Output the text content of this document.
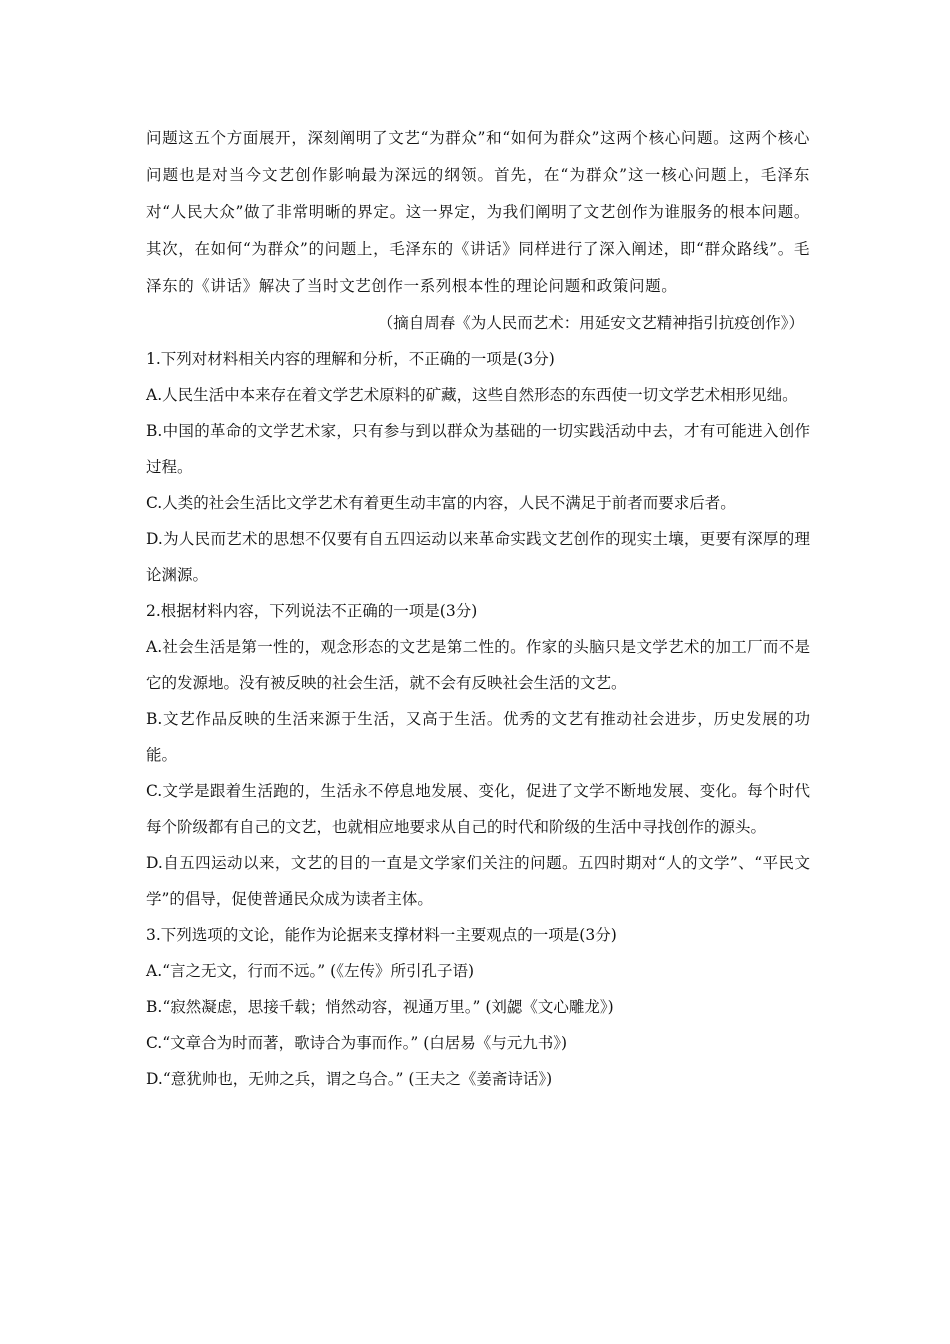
问题这五个方面展开，深刻阐明了文艺“为群众”和“如何为群众”这两个核心问题。这两个核心问题也是对当今文艺创作影响最为深远的纲领。首先，在“为群众”这一核心问题上，毛泽东对“人民大众”做了非常明晰的界定。这一界定，为我们阐明了文艺创作为谁服务的根本问题。其次，在如何“为群众”的问题上，毛泽东的《讲话》同样进行了深入阐述，即“群众路线”。毛泽东的《讲话》解决了当时文艺创作一系列根本性的理论问题和政策问题。

（摘自周春《为人民而艺术：用延安文艺精神指引抗疫创作》）

1.下列对材料相关内容的理解和分析，不正确的一项是(3分)

A.人民生活中本来存在着文学艺术原料的矿藏，这些自然形态的东西使一切文学艺术相形见绌。

B.中国的革命的文学艺术家，只有参与到以群众为基础的一切实践活动中去，才有可能进入创作过程。

C.人类的社会生活比文学艺术有着更生动丰富的内容，人民不满足于前者而要求后者。

D.为人民而艺术的思想不仅要有自五四运动以来革命实践文艺创作的现实土壤，更要有深厚的理论渊源。

2.根据材料内容，下列说法不正确的一项是(3分)

A.社会生活是第一性的，观念形态的文艺是第二性的。作家的头脑只是文学艺术的加工厂而不是它的发源地。没有被反映的社会生活，就不会有反映社会生活的文艺。

B.文艺作品反映的生活来源于生活，又高于生活。优秀的文艺有推动社会进步，历史发展的功能。

C.文学是跟着生活跑的，生活永不停息地发展、变化，促进了文学不断地发展、变化。每个时代每个阶级都有自己的文艺，也就相应地要求从自己的时代和阶级的生活中寻找创作的源头。

D.自五四运动以来，文艺的目的一直是文学家们关注的问题。五四时期对“人的文学”、“平民文学”的倡导，促使普通民众成为读者主体。

3.下列选项的文论，能作为论据来支撑材料一主要观点的一项是(3分)

A.“言之无文，行而不远。” (《左传》所引孔子语)

B.“寂然凝虑，思接千载；悄然动容，视通万里。” (刘勰《文心雕龙》)

C.“文章合为时而著，歌诗合为事而作。” (白居易《与元九书》)

D.“意犹帅也，无帅之兵，谓之乌合。” (王夫之《姜斋诗话》)
